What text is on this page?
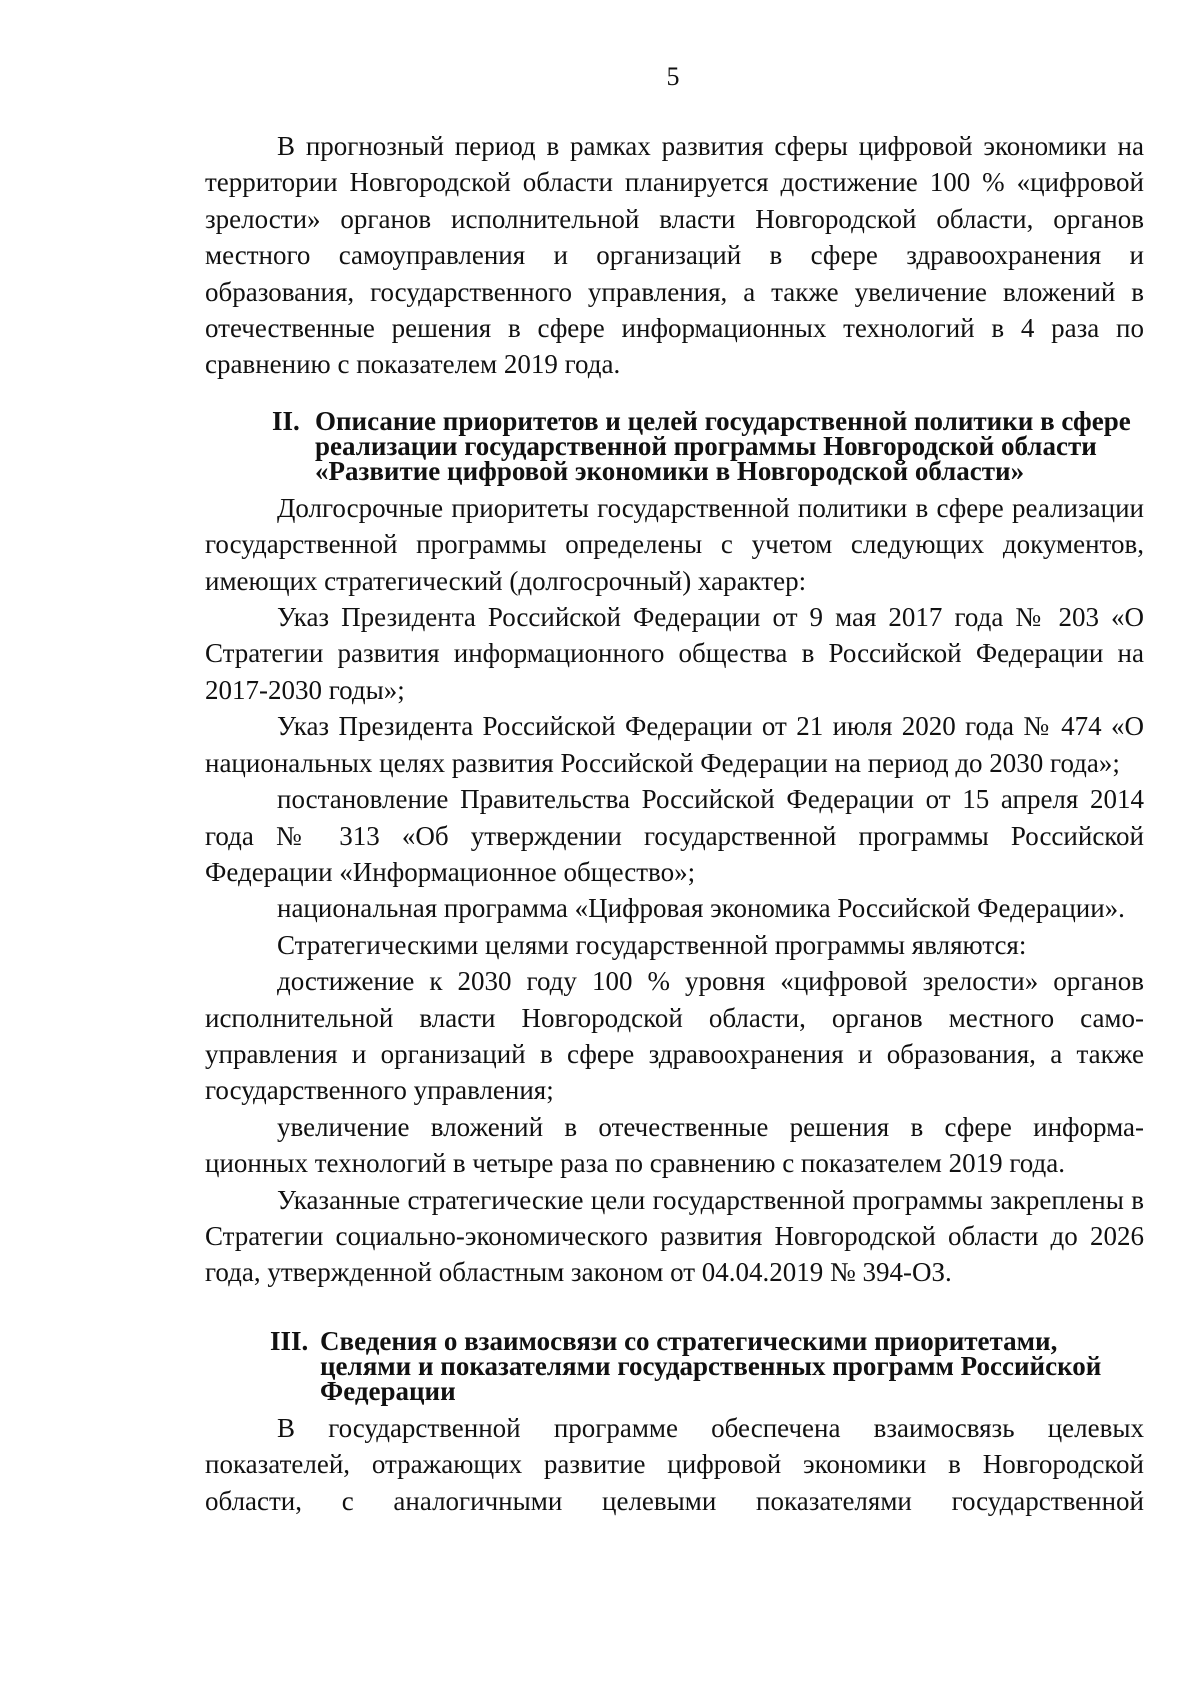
5

В прогнозный период в рамках развития сферы цифровой экономики на территории Новгородской области планируется достижение 100 % «цифровой зрелости» органов исполнительной власти Новгородской области, органов местного самоуправления и организаций в сфере здравоохранения и образования, государственного управления, а также увеличение вложений в отечественные решения в сфере информационных технологий в 4 раза по сравнению с показателем 2019 года.

II. Описание приоритетов и целей государственной политики в сфере реализации государственной программы Новгородской области «Развитие цифровой экономики в Новгородской области»

Долгосрочные приоритеты государственной политики в сфере реализации государственной программы определены с учетом следующих документов, имеющих стратегический (долгосрочный) характер:

Указ Президента Российской Федерации от 9 мая 2017 года № 203 «О Стратегии развития информационного общества в Российской Федерации на 2017-2030 годы»;

Указ Президента Российской Федерации от 21 июля 2020 года № 474 «О национальных целях развития Российской Федерации на период до 2030 года»;

постановление Правительства Российской Федерации от 15 апреля 2014 года № 313 «Об утверждении государственной программы Российской Федерации «Информационное общество»;

национальная программа «Цифровая экономика Российской Федерации».

Стратегическими целями государственной программы являются:

достижение к 2030 году 100 % уровня «цифровой зрелости» органов исполнительной власти Новгородской области, органов местного само-управления и организаций в сфере здравоохранения и образования, а также государственного управления;

увеличение вложений в отечественные решения в сфере информа-ционных технологий в четыре раза по сравнению с показателем 2019 года.

Указанные стратегические цели государственной программы закреплены в Стратегии социально-экономического развития Новгородской области до 2026 года, утвержденной областным законом от 04.04.2019 № 394-ОЗ.

III. Сведения о взаимосвязи со стратегическими приоритетами, целями и показателями государственных программ Российской Федерации

В государственной программе обеспечена взаимосвязь целевых показателей, отражающих развитие цифровой экономики в Новгородской области, с аналогичными целевыми показателями государственной
